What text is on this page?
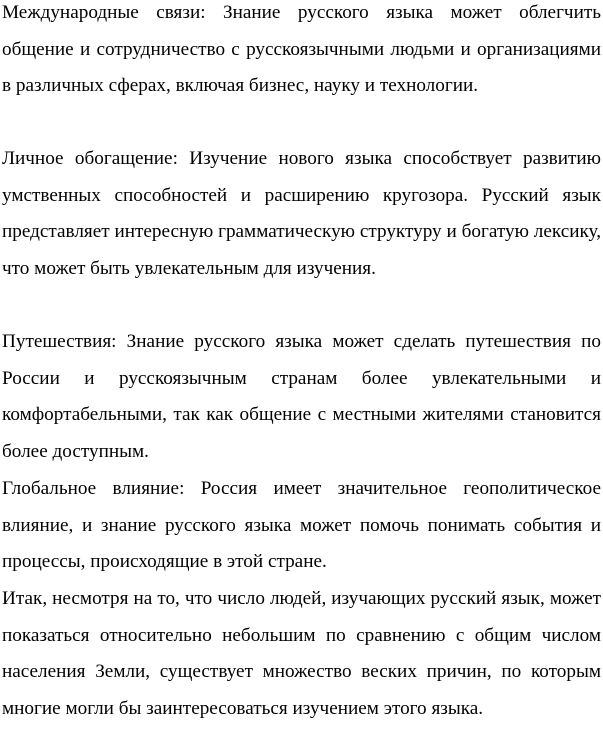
Международные связи: Знание русского языка может облегчить общение и сотрудничество с русскоязычными людьми и организациями в различных сферах, включая бизнес, науку и технологии.

Личное обогащение: Изучение нового языка способствует развитию умственных способностей и расширению кругозора. Русский язык представляет интересную грамматическую структуру и богатую лексику, что может быть увлекательным для изучения.

Путешествия: Знание русского языка может сделать путешествия по России и русскоязычным странам более увлекательными и комфортабельными, так как общение с местными жителями становится более доступным.

Глобальное влияние: Россия имеет значительное геополитическое влияние, и знание русского языка может помочь понимать события и процессы, происходящие в этой стране.

Итак, несмотря на то, что число людей, изучающих русский язык, может показаться относительно небольшим по сравнению с общим числом населения Земли, существует множество веских причин, по которым многие могли бы заинтересоваться изучением этого языка.
